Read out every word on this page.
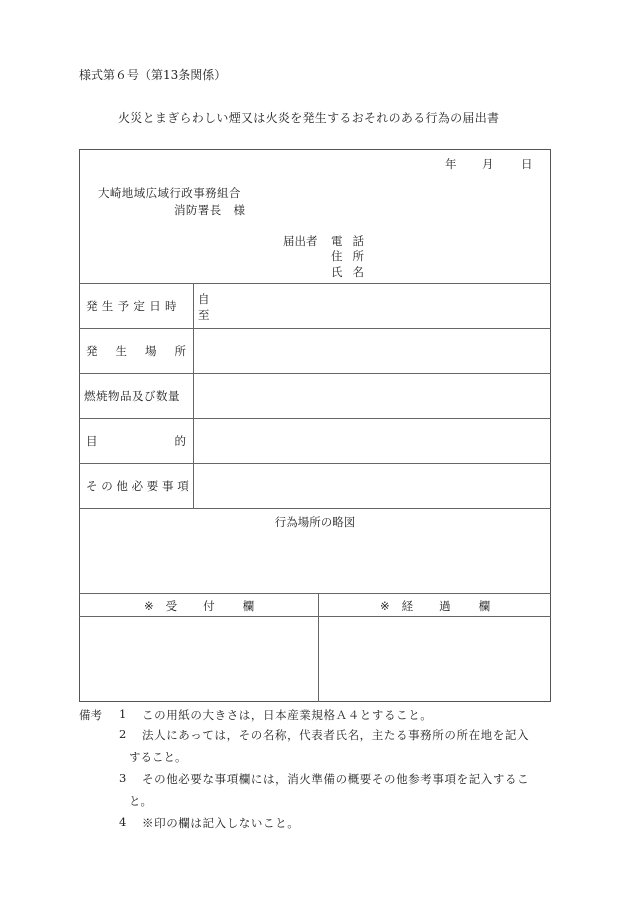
様式第６号（第13条関係）
火災とまぎらわしい煙又は火炎を発生するおそれのある行為の届出書
年 月 日
大崎地域広域行政事務組合
消防署長　様
届出者 電 話
住 所
氏 名
発生予定日時
発 生 場 所
燃焼物品及び数量
目	的
その他必要事項
自
至
行為場所の略図
※ 受 付 欄	※ 経 過 欄
備考 1 この用紙の大きさは，日本産業規格Ａ４とすること。
2 法人にあっては，その名称，代表者氏名，主たる事務所の所在地を記入
すること。
3 その他必要な事項欄には，消火準備の概要その他参考事項を記入するこ
と。
4 ※印の欄は記入しないこと。
